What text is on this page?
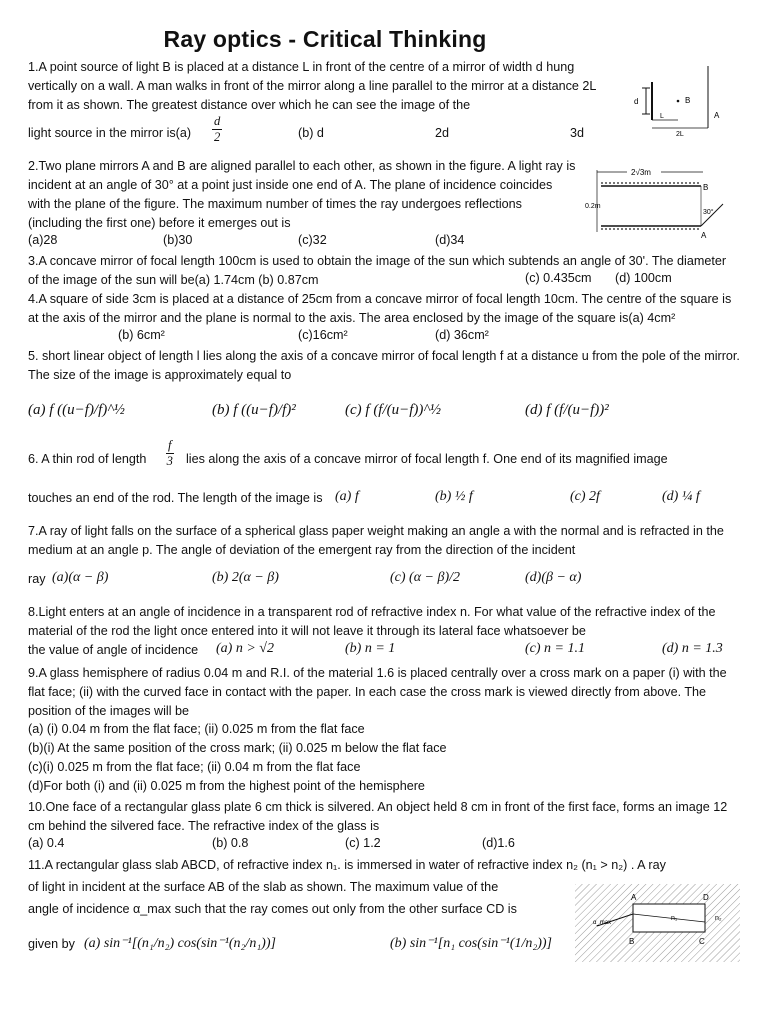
Ray optics - Critical Thinking
1.A point source of light B is placed at a distance L in front of the centre of a mirror of width d hung vertically on a wall. A man walks in front of the mirror along a line parallel to the mirror at a distance 2L from it as shown. The greatest distance over which he can see the image of the
light source in the mirror $is(a) \frac{d}{2}$	(b) d	2d	3d
d	B
A
L
2L
2.Two plane mirrors A and B are aligned parallel to each other, as shown in the figure. A light ray is incident at an angle of 30° at a point just inside one end of A. The plane of incidence coincides with the plane of the figure. The maximum number of times the ray undergoes reflections (including the first one) before it emerges out is
(a)28	(b)30	(c)32	(d)34
2√3m
B
0.2m
30°
A
3.A concave mirror of focal length 100cm is used to obtain the image of the sun which subtends an angle of 30'. The diameter of the image of the sun will be(a) 1.74cm (b) 0.87cm	(c) 0.435cm (d) 100cm
4.A square of side 3cm is placed at a distance of 25cm from a concave mirror of focal length 10cm. The centre of the square is at the axis of the mirror and the plane is normal to the axis. The area enclosed by the image of the square is(a) 4cm²
(b) 6cm²	(c)16cm²	(d) 36cm²
5. short linear object of length l lies along the axis of a concave mirror of focal length f at a distance u from the pole of the mirror. The size of the image is approximately equal to
(a) f ((u−f)/f)^½	(b) f ((u−f)/f)²	(c) f (f/(u−f))^½	(d) f (f/(u−f))²
6. A thin rod of length $\frac{f}{3}$ lies along the axis of a concave mirror of focal length f. One end of its magnified image
touches an end of the rod. The length of the image is (a) f	(b) ½ f	(c) 2f	(d) ¼ f
7.A ray of light falls on the surface of a spherical glass paper weight making an angle a with the normal and is refracted in the medium at an angle p. The angle of deviation of the emergent ray from the direction of the incident
ray (a)(α − β)	(b) 2(α − β)	(c) (α − β)/2	(d)(β − α)
8.Light enters at an angle of incidence in a transparent rod of refractive index n. For what value of the refractive index of the material of the rod the light once entered into it will not leave it through its lateral face whatsoever be
the value of angle of incidence (a) n > √2	(b) n = 1	(c) n = 1.1	(d) n = 1.3
9.A glass hemisphere of radius 0.04 m and R.I. of the material 1.6 is placed centrally over a cross mark on a paper (i) with the flat face; (ii) with the curved face in contact with the paper. In each case the cross mark is viewed directly from above. The position of the images will be
(a) (i) 0.04 m from the flat face; (ii) 0.025 m from the flat face
(b)(i) At the same position of the cross mark; (ii) 0.025 m below the flat face
(c)(i) 0.025 m from the flat face; (ii) 0.04 m from the flat face
(d)For both (i) and (ii) 0.025 m from the highest point of the hemisphere
10.One face of a rectangular glass plate 6 cm thick is silvered. An object held 8 cm in front of the first face, forms an image 12 cm behind the silvered face. The refractive index of the glass is
(a) 0.4	(b) 0.8	(c) 1.2	(d)1.6
11.A rectangular glass slab ABCD, of refractive index n₁. is immersed in water of refractive index n₂ (n₁ > n₂) . A ray
of light in incident at the surface AB of the slab as shown. The maximum value of the
angle of incidence α_max such that the ray comes out only from the other surface CD is
given by (a) sin⁻¹[(n₁/n₂) cos(sin⁻¹(n₂/n₁))]	(b) sin⁻¹[n₁ cos(sin⁻¹(1/n₂))]
A	D
B	C
n₁	n₂
α_max
